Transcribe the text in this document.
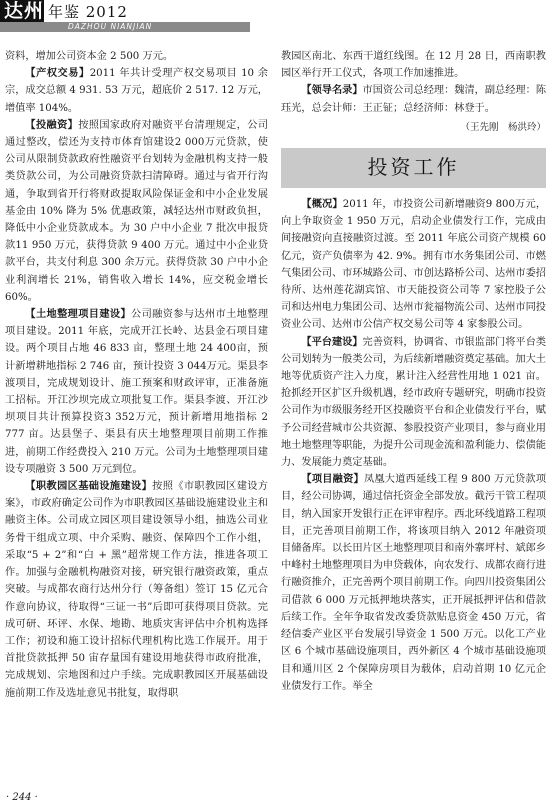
达州 年鉴 2012
DAZHOU NIANJIAN

资料，增加公司资本金 2 500 万元。

【产权交易】2011 年共计受理产权交易项目 10 余宗，成交总额 4 931. 53 万元，超底价 2 517. 12 万元，增值率 104%。

【投融资】按照国家政府对融资平台清理规定，公司通过整改，偿还为支持市体育馆建设2 000万元贷款，使公司从限制贷款政府性融资平台划转为金融机构支持一般类贷款公司，为公司融资贷款扫清障碍。通过与省开行沟通，争取到省开行将财政提取风险保证金和中小企业发展基金由 10% 降为 5% 优惠政策，减轻达州市财政负担，降低中小企业贷款成本。为 30 户中小企业 7 批次申报贷款11 950 万元，获得贷款 9 400 万元。通过中小企业贷款平台，共支付利息 300 余万元。获得贷款 30 户中小企业利润增长 21%，销售收入增长 14%，应交税金增长60%。

【土地整理项目建设】公司融资参与达州市土地整理项目建设。2011 年底，完成开江长岭、达县金石项目建设。两个项目占地 46 833 亩，整理土地 24 400亩，预计新增耕地指标 2 746 亩，预计投资 3 044万元。渠县李渡项目，完成规划设计、施工预案和财政评审，正准备施工招标。开江沙坝完成立项批复工作。渠县李渡、开江沙坝项目共计预算投资3 352万元，预计新增用地指标 2 777 亩。达县堡子、渠县有庆土地整理项目前期工作推进，前期工作经费投入 210 万元。公司为土地整理项目建设专项融资 3 500 万元到位。

【职教园区基础设施建设】按照《市职教园区建设方案》，市政府确定公司作为市职教园区基础设施建设业主和融资主体。公司成立园区项目建设领导小组，抽选公司业务骨干组成立项、中介采购、融资、保障四个工作小组，采取“5 + 2”和“白 + 黑”超常规工作方法，推进各项工作。加强与金融机构融资对接，研究银行融资政策，重点突破。与成都农商行达州分行（筹备组）签订 15 亿元合作意向协议，待取得“三证一书”后即可获得项目贷款。完成可研、环评、水保、地勘、地质灾害评估中介机构选择工作；初设和施工设计招标代理机构比选工作展开。用于首批贷款抵押 50 宙存量国有建设用地获得市政府批准，完成规划、宗地图和过户手续。完成职教园区开展基础设施前期工作及选址意见书批复，取得职

教园区南北、东西干道红线图。在 12 月 28 日，西南职教园区举行开工仪式，各项工作加速推进。

【领导名录】市国资公司总经理：魏清，副总经理：陈珏光，总会计师：王正钲；总经济师：林登于。

（王先刚　杨洪玲）
投资工作

【概况】2011 年，市投资公司新增融资9 800万元，向上争取资金 1 950 万元，启动企业债发行工作，完成由间接融资向直接融资过渡。至 2011 年底公司资产规模 60 亿元，资产负债率为 42. 9%。拥有市水务集团公司、市燃气集团公司、市环城路公司、市创达路桥公司、达州市委招待所、达州莲花湖宾馆、市天能投资公司等 7 家控股子公司和达州电力集团公司、达州市瓮福物流公司、达州市同投资业公司、达州市公信产权交易公司等 4 家参股公司。

【平台建设】完善资料，协调省、市银监部门将平台类公司划转为一般类公司，为后续新增融资奠定基础。加大土地等优质资产注入力度，累计注入经营性用地 1 021 亩。抢抓经开区扩区升级机遇，经市政府专题研究，明确市投资公司作为市级服务经开区投融资平台和企业债发行平台，赋予公司经营城市公共资源、参股投资产业项目，参与商业用地土地整理等职能，为提升公司现金流和盈利能力、偿债能力、发展能力奠定基础。

【项目融资】凤凰大道西延线工程 9 800 万元贷款项目，经公司协调，通过信托资金全部发放。截污干管工程项目，纳入国家开发银行正在评审程序。西北环线道路工程项目，正完善项目前期工作，将该项目纳入 2012 年融资项目储备库。以长田片区土地整理项目和南外寨坪村、斌郎乡中峰村土地整理项目为申贷载体，向农发行、成都农商行进行融资推介，正完善两个项目前期工作。向四川投资集团公司借款 6 000 万元抵押地块落实，正开展抵押评估和借款后续工作。全年争取省发改委贷款贴息资金 450 万元，省经信委产业区平台发展引导资金 1 500 万元。以化工产业区 6 个城市基础设施项目，西外新区 4 个城市基础设施项目和通川区 2 个保障房项目为载体，启动首期 10 亿元企业债发行工作。举全

· 244 ·
